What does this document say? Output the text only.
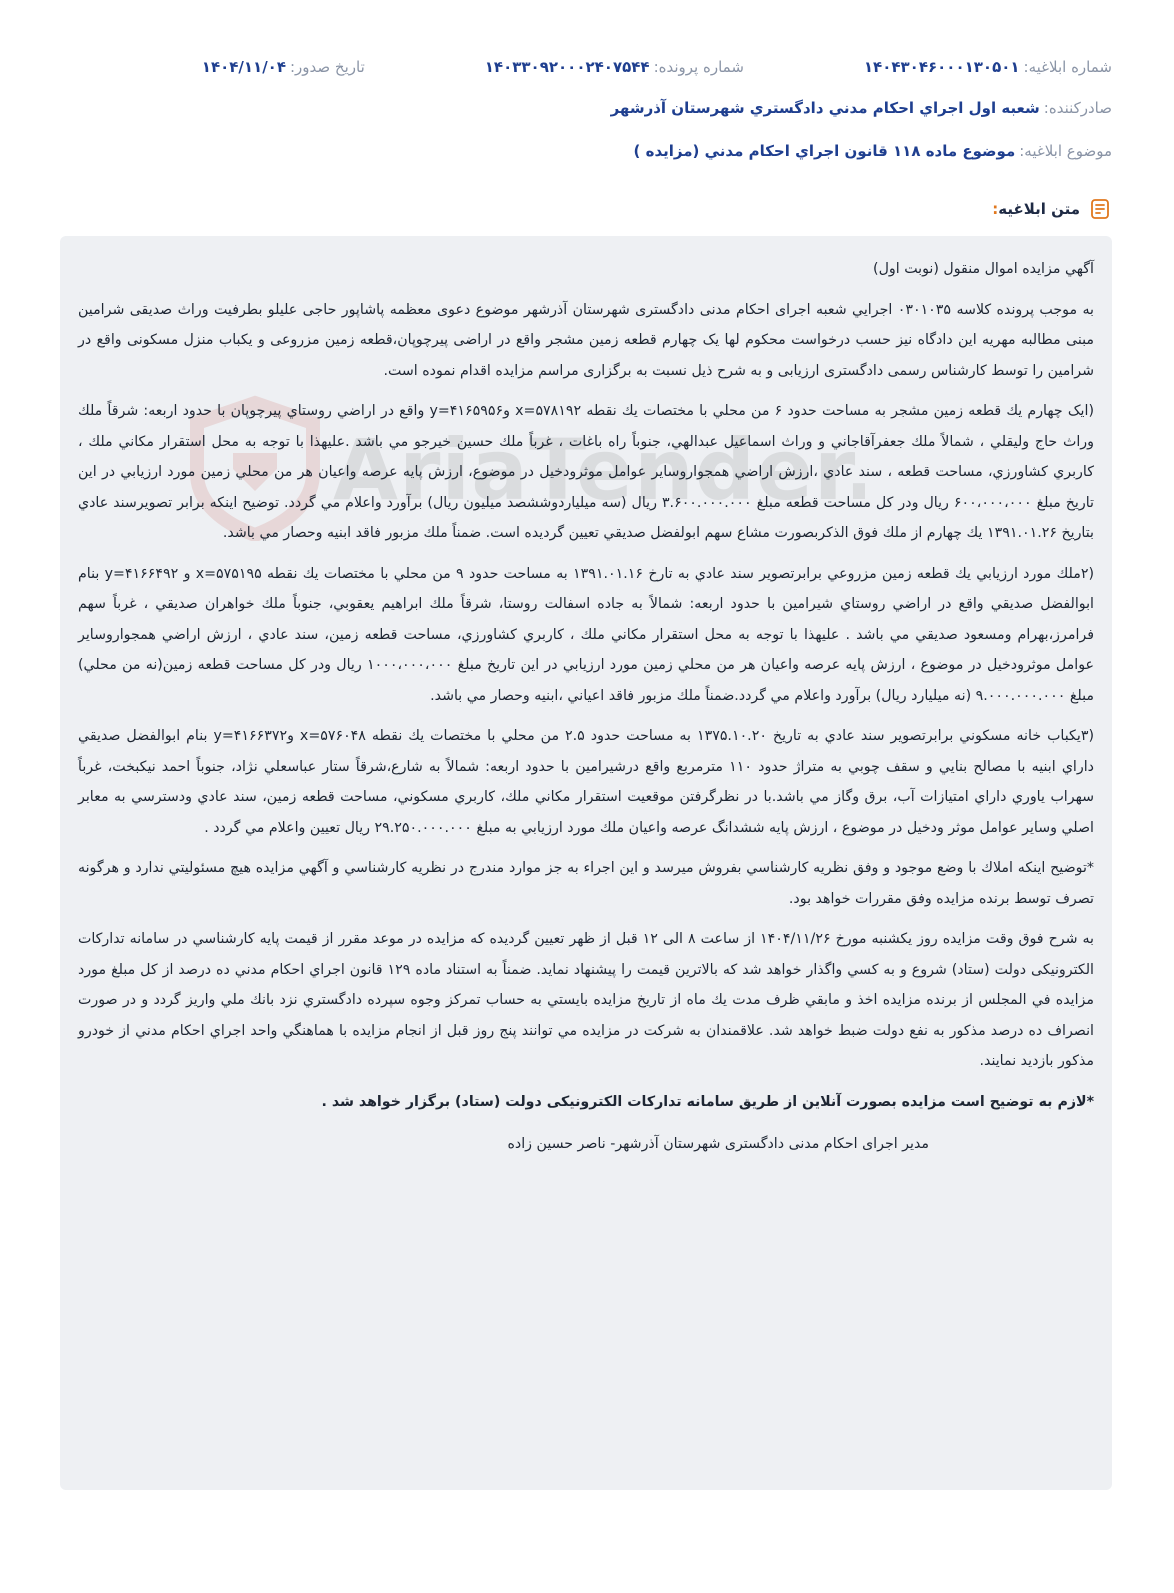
شماره ابلاغیه:
۱۴۰۴۳۰۴۶۰۰۰۱۳۰۵۰۱
شماره پرونده:
۱۴۰۳۳۰۹۲۰۰۰۲۴۰۷۵۴۴
تاریخ صدور:
۱۴۰۴/۱۱/۰۴
صادرکننده:
شعبه اول اجراي احكام مدني دادگستري شهرستان آذرشهر
موضوع ابلاغیه:
موضوع ماده ۱۱۸ قانون اجراي احكام مدني (مزايده )
متن ابلاغیه:
AriaTender

آگهي مزايده اموال منقول (نوبت اول)

به موجب پرونده كلاسه ۰۳۰۱۰۳۵ اجرايي شعبه اجرای احکام مدنی دادگستری شهرستان آذرشهر موضوع دعوی معظمه پاشاپور حاجی علیلو بطرفیت وراث صدیقی شرامین مبنی مطالبه مهریه این دادگاه نیز حسب درخواست محکوم لها یک چهارم قطعه زمین مشجر واقع در اراضی پیرچوپان،قطعه زمین مزروعی و یکباب منزل مسکونی واقع در شرامین را توسط کارشناس رسمی دادگستری ارزیابی و به شرح ذیل نسبت به برگزاری مراسم مزایده اقدام نموده است.

(ايک چهارم يك قطعه زمين مشجر به مساحت حدود ۶ من محلي با مختصات يك نقطه x=۵۷۸۱۹۲ وy=۴۱۶۵۹۵۶ واقع در اراضي روستاي پيرچوپان با حدود اربعه: شرقاً ملك وراث حاج وليقلي ، شمالاً ملك جعفرآقاجاني و وراث اسماعيل عبدالهي، جنوباً راه باغات ، غرباً ملك حسين خيرجو مي باشد .عليهذا با توجه به محل استقرار مكاني ملك ، كاربري كشاورزي، مساحت قطعه ، سند عادي ،ارزش اراضي همجواروساير عوامل موثرودخيل در موضوع، ارزش پايه عرصه واعيان هر من محلي زمين مورد ارزيابي در اين تاريخ مبلغ ۶۰۰،۰۰۰،۰۰۰ ريال ودر كل مساحت قطعه مبلغ ۳.۶۰۰.۰۰۰.۰۰۰ ريال (سه ميلياردوششصد ميليون ريال) برآورد واعلام مي گردد. توضيح اينكه برابر تصويرسند عادي بتاريخ ۱۳۹۱.۰۱.۲۶ يك چهارم از ملك فوق الذكربصورت مشاع سهم ابولفضل صديقي تعيين گرديده است. ضمناً ملك مزبور فاقد ابنيه وحصار مي باشد.

(۲ملك مورد ارزيابي يك قطعه زمين مزروعي برابرتصوير سند عادي به تارخ ۱۳۹۱.۰۱.۱۶ به مساحت حدود ۹ من محلي با مختصات يك نقطه x=۵۷۵۱۹۵ و y=۴۱۶۶۴۹۲ بنام ابوالفضل صديقي واقع در اراضي روستاي شيرامين با حدود اربعه: شمالاً به جاده اسفالت روستا، شرقاً ملك ابراهيم يعقوبي، جنوباً ملك خواهران صديقي ، غرباً سهم فرامرز،بهرام ومسعود صديقي مي باشد . عليهذا با توجه به محل استقرار مكاني ملك ، كاربري كشاورزي، مساحت قطعه زمين، سند عادي ، ارزش اراضي همجواروساير عوامل موثرودخيل در موضوع ، ارزش پايه عرصه واعيان هر من محلي زمين مورد ارزيابي در اين تاريخ مبلغ ۱۰۰۰،۰۰۰،۰۰۰ ريال ودر كل مساحت قطعه زمين(نه من محلي) مبلغ ۹.۰۰۰.۰۰۰.۰۰۰ (نه ميليارد ريال) برآورد واعلام مي گردد.ضمناً ملك مزبور فاقد اعياني ،ابنيه وحصار مي باشد.

(۳يكباب خانه مسكوني برابرتصوير سند عادي به تاريخ ۱۳۷۵.۱۰.۲۰ به مساحت حدود ۲.۵ من محلي با مختصات يك نقطه x=۵۷۶۰۴۸ وy=۴۱۶۶۳۷۲ بنام ابوالفضل صديقي داراي ابنيه با مصالح بنايي و سقف چوبي به متراژ حدود ۱۱۰ مترمربع واقع درشيرامين با حدود اربعه: شمالاً به شارع،شرقاً ستار عباسعلي نژاد، جنوباً احمد نيكبخت، غرباً سهراب ياوري داراي امتيازات آب، برق وگاز مي باشد.با در نظرگرفتن موقعيت استقرار مكاني ملك، كاربري مسكوني، مساحت قطعه زمين، سند عادي ودسترسي به معابر اصلي وساير عوامل موثر ودخيل در موضوع ، ارزش پايه ششدانگ عرصه واعيان ملك مورد ارزيابي به مبلغ ۲۹.۲۵۰.۰۰۰.۰۰۰ ريال تعيين واعلام مي گردد .

*توضيح اينكه املاك با وضع موجود و وفق نظريه كارشناسي بفروش ميرسد و اين اجراء به جز موارد مندرج در نظريه كارشناسي و آگهي مزايده هيچ مسئوليتي ندارد و هرگونه تصرف توسط برنده مزايده وفق مقررات خواهد بود.

به شرح فوق وقت مزايده روز يكشنبه مورخ ۱۴۰۴/۱۱/۲۶ از ساعت ۸ الی ۱۲ قبل از ظهر تعيين گرديده كه مزايده در موعد مقرر از قيمت پايه كارشناسي در سامانه تدارکات الکترونیکی دولت (ستاد) شروع و به كسي واگذار خواهد شد كه بالاترين قيمت را پيشنهاد نمايد. ضمناً به استناد ماده ۱۲۹ قانون اجراي احكام مدني ده درصد از كل مبلغ مورد مزايده في المجلس از برنده مزايده اخذ و مابقي ظرف مدت يك ماه از تاريخ مزايده بايستي به حساب تمركز وجوه سپرده دادگستري نزد بانك ملي واريز گردد و در صورت انصراف ده درصد مذكور به نفع دولت ضبط خواهد شد. علاقمندان به شركت در مزايده مي توانند پنج روز قبل از انجام مزايده با هماهنگي واحد اجراي احكام مدني از خودرو مذكور بازديد نمايند.

*لازم به توضیح است مزایده بصورت آنلاین از طریق سامانه تدارکات الکترونیکی دولت (ستاد) برگزار خواهد شد .

مدیر اجرای احکام مدنی دادگستری شهرستان آذرشهر- ناصر حسین زاده
